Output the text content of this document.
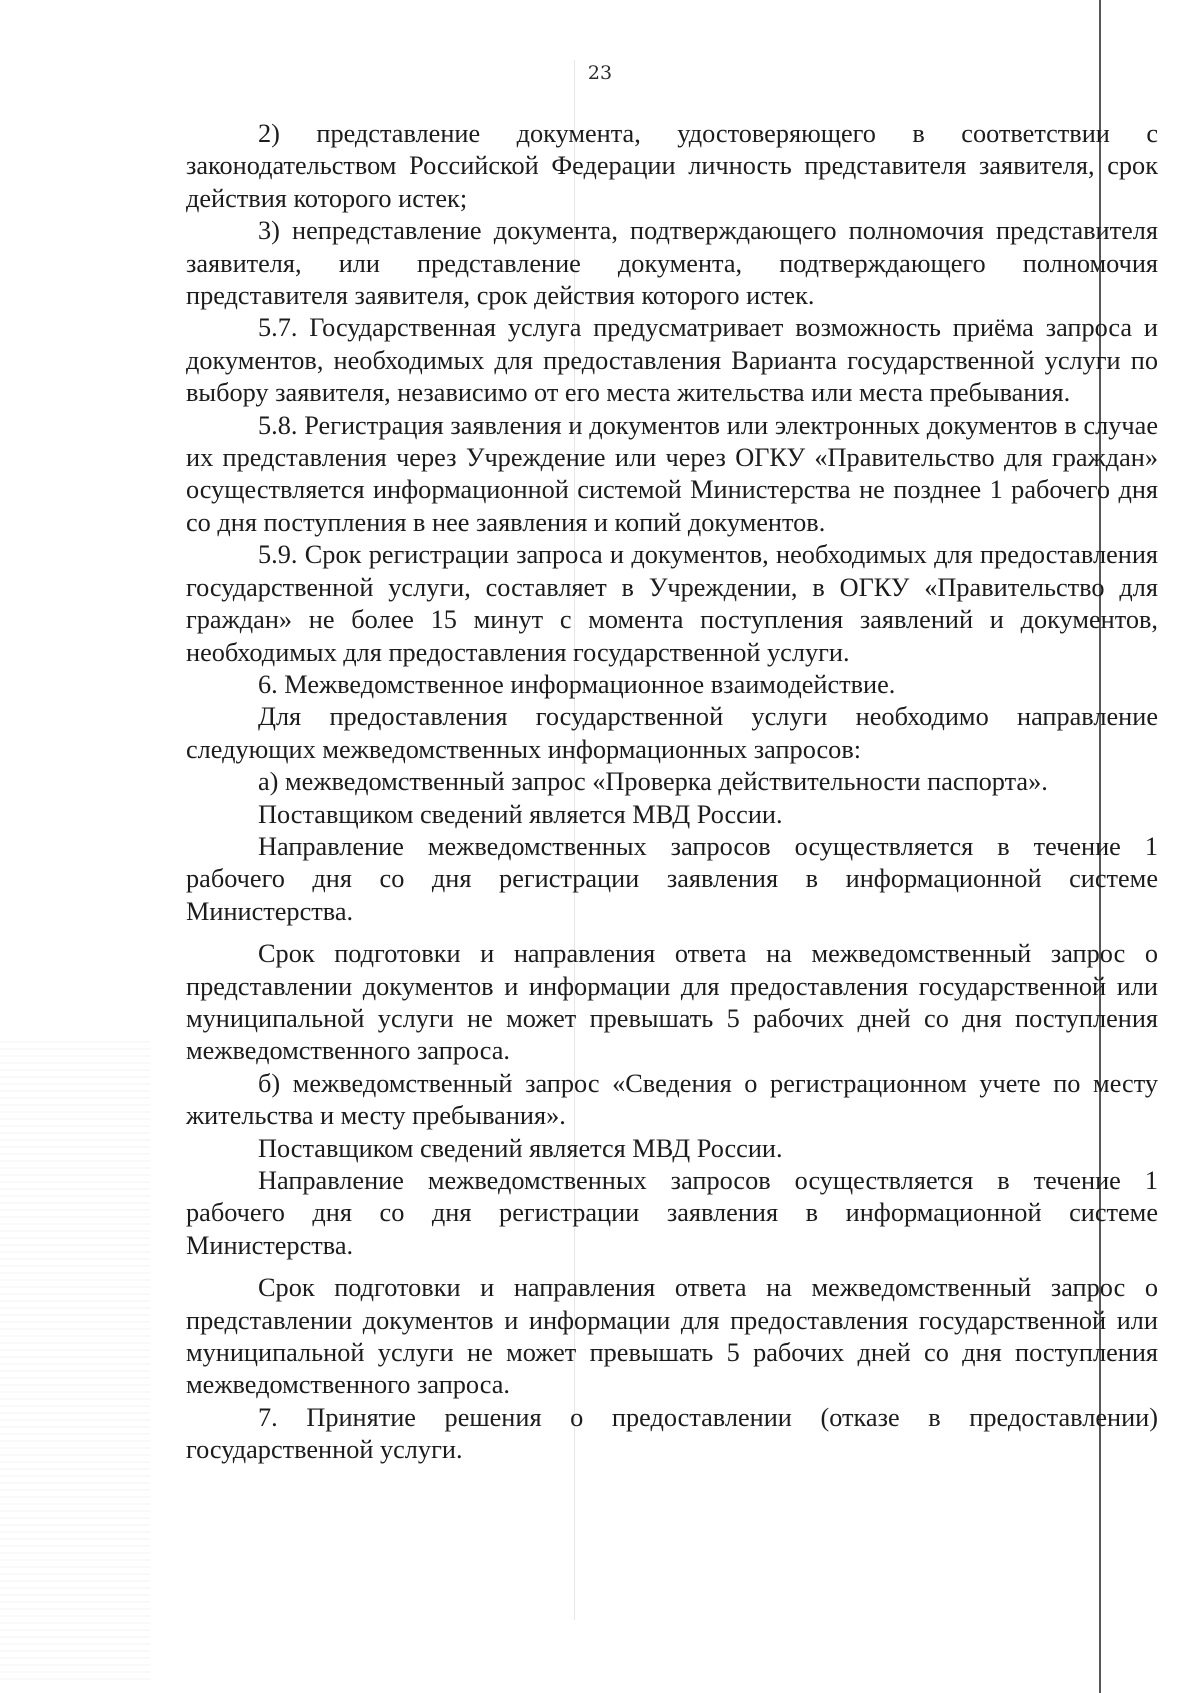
23

2) представление документа, удостоверяющего в соответствии с законодательством Российской Федерации личность представителя заявителя, срок действия которого истек;

3) непредставление документа, подтверждающего полномочия представителя заявителя, или представление документа, подтверждающего полномочия представителя заявителя, срок действия которого истек.

5.7. Государственная услуга предусматривает возможность приёма запроса и документов, необходимых для предоставления Варианта государственной услуги по выбору заявителя, независимо от его места жительства или места пребывания.

5.8. Регистрация заявления и документов или электронных документов в случае их представления через Учреждение или через ОГКУ «Правительство для граждан» осуществляется информационной системой Министерства не позднее 1 рабочего дня со дня поступления в нее заявления и копий документов.

5.9. Срок регистрации запроса и документов, необходимых для предоставления государственной услуги, составляет в Учреждении, в ОГКУ «Правительство для граждан» не более 15 минут с момента поступления заявлений и документов, необходимых для предоставления государственной услуги.

6. Межведомственное информационное взаимодействие.

Для предоставления государственной услуги необходимо направление следующих межведомственных информационных запросов:

а) межведомственный запрос «Проверка действительности паспорта».

Поставщиком сведений является МВД России.

Направление межведомственных запросов осуществляется в течение 1 рабочего дня со дня регистрации заявления в информационной системе Министерства.

Срок подготовки и направления ответа на межведомственный запрос о представлении документов и информации для предоставления государственной или муниципальной услуги не может превышать 5 рабочих дней со дня поступления межведомственного запроса.

б) межведомственный запрос «Сведения о регистрационном учете по месту жительства и месту пребывания».

Поставщиком сведений является МВД России.

Направление межведомственных запросов осуществляется в течение 1 рабочего дня со дня регистрации заявления в информационной системе Министерства.

Срок подготовки и направления ответа на межведомственный запрос о представлении документов и информации для предоставления государственной или муниципальной услуги не может превышать 5 рабочих дней со дня поступления межведомственного запроса.

7. Принятие решения о предоставлении (отказе в предоставлении) государственной услуги.
